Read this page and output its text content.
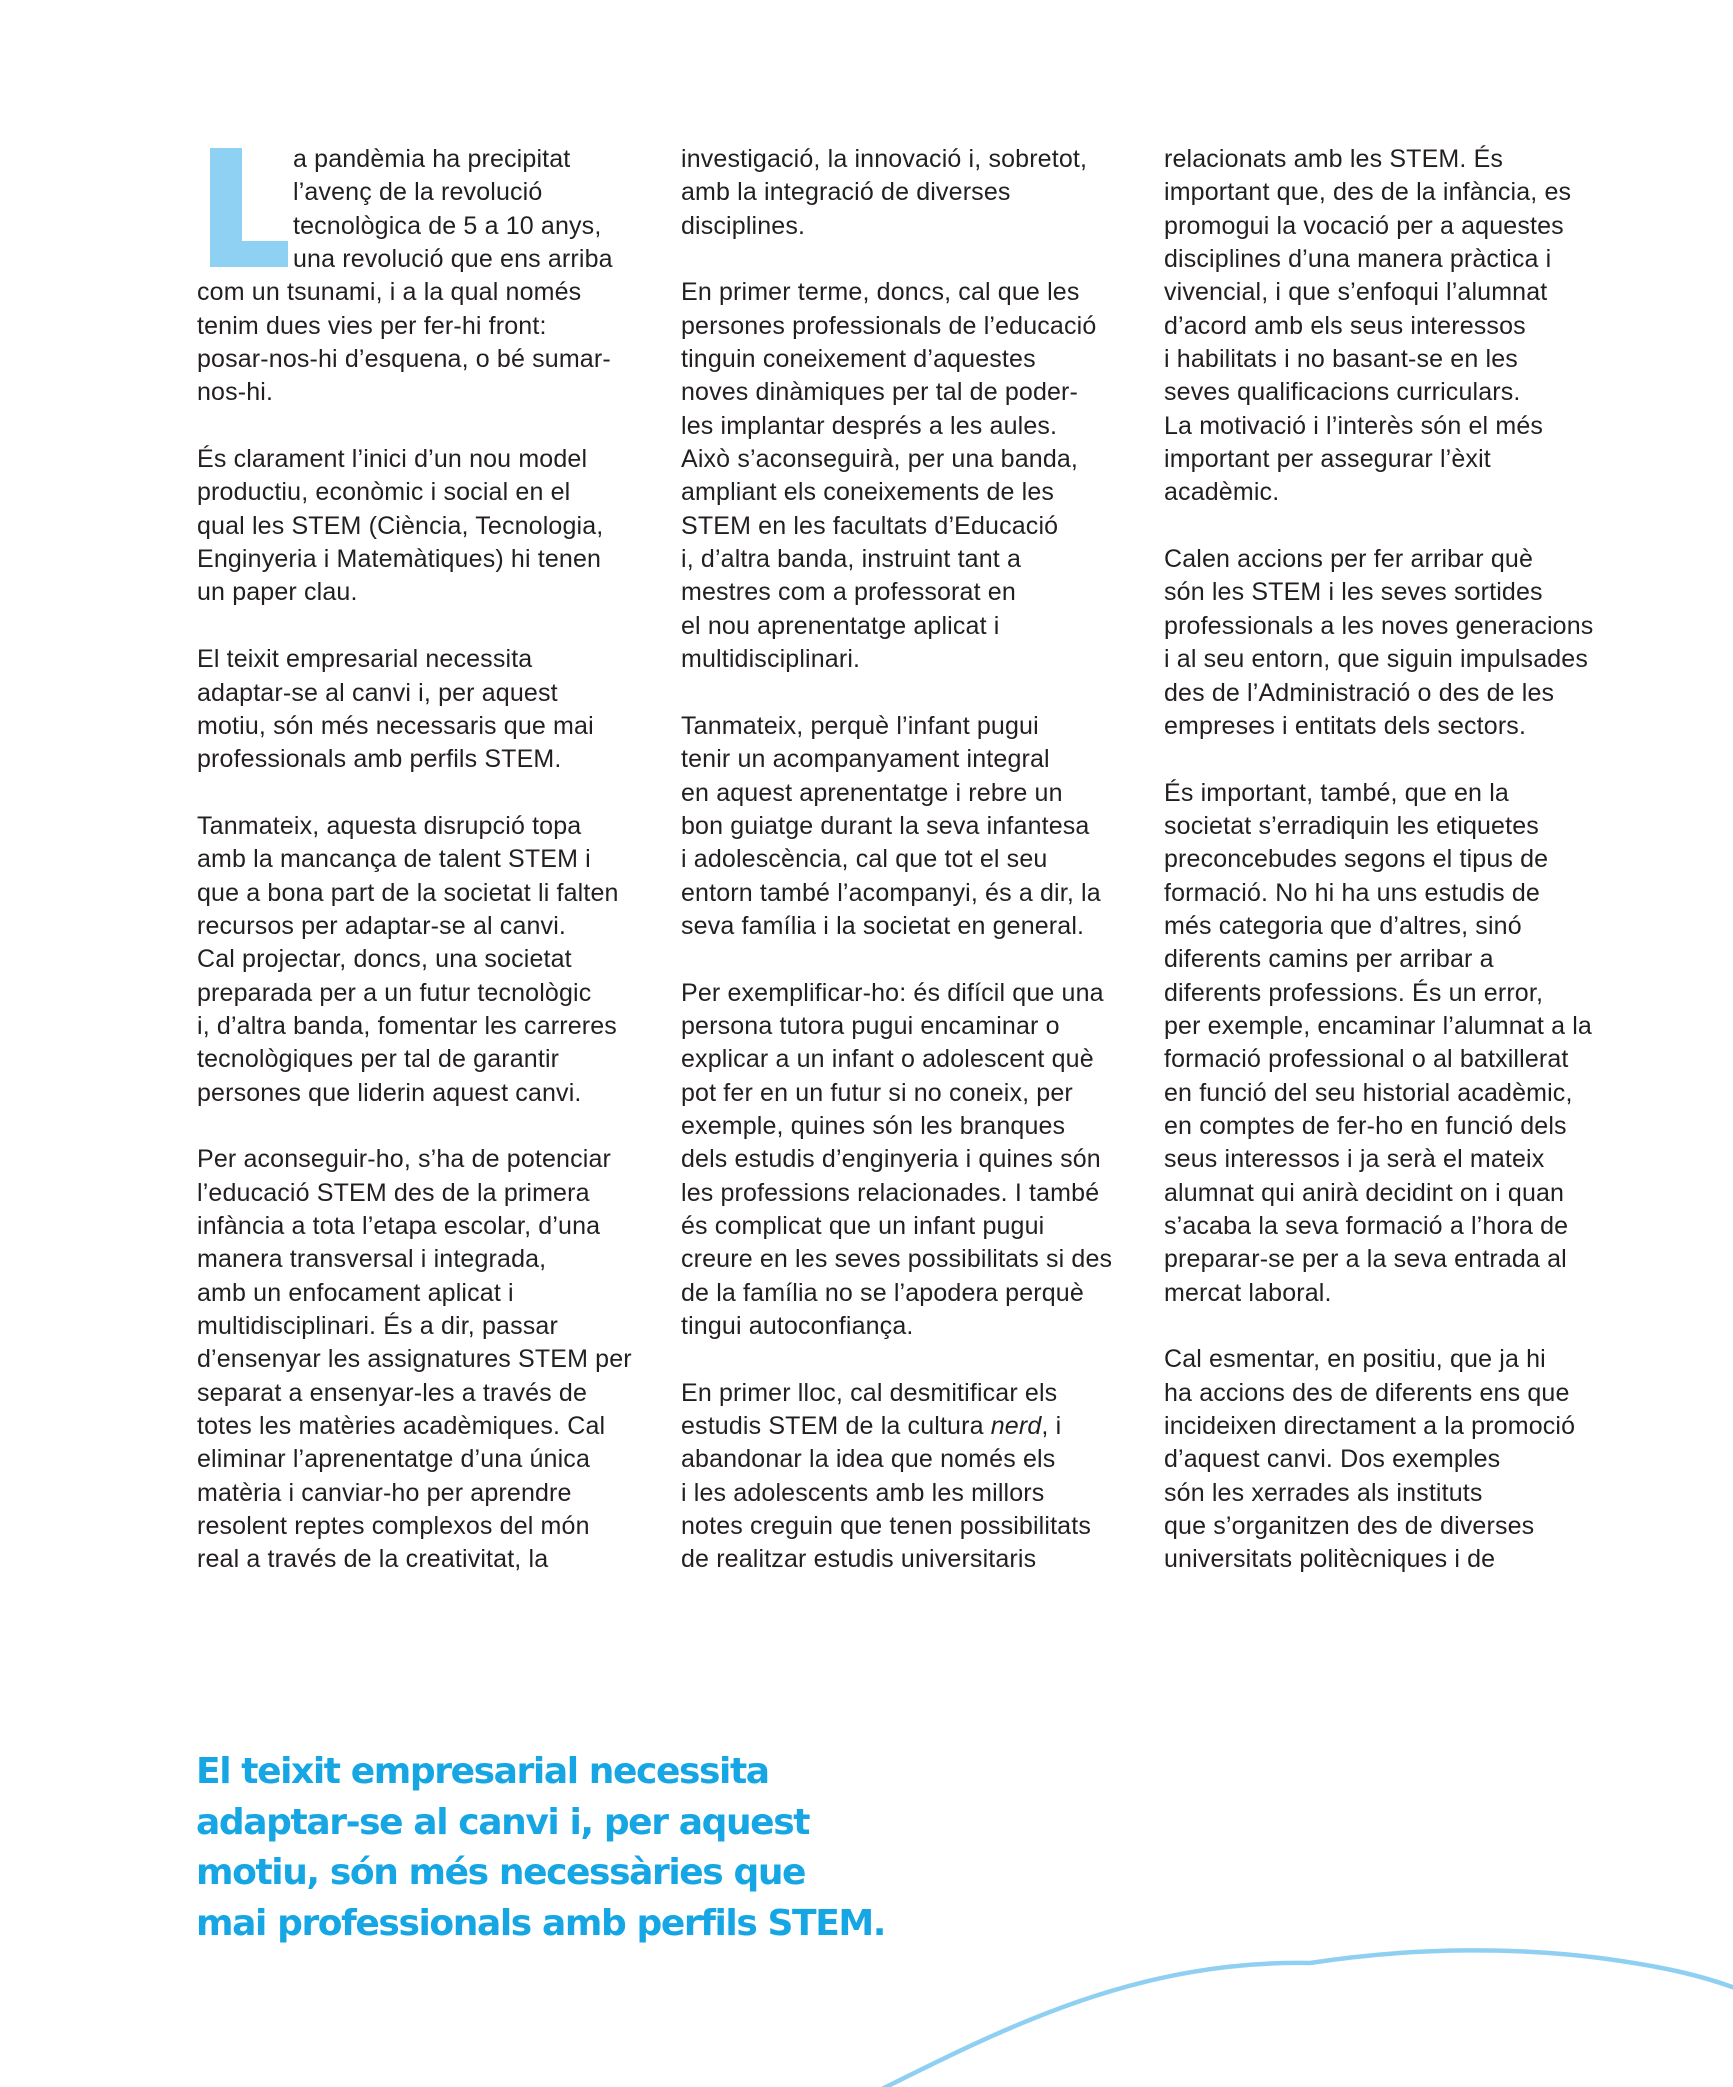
a pandèmia ha precipitat
l’avenç de la revolució
tecnològica de 5 a 10 anys,
una revolució que ens arriba
com un tsunami, i a la qual només
tenim dues vies per fer-hi front:
posar-nos-hi d’esquena, o bé sumar-
nos-hi.

És clarament l’inici d’un nou model
productiu, econòmic i social en el
qual les STEM (Ciència, Tecnologia,
Enginyeria i Matemàtiques) hi tenen
un paper clau.

El teixit empresarial necessita
adaptar-se al canvi i, per aquest
motiu, són més necessaris que mai
professionals amb perfils STEM.

Tanmateix, aquesta disrupció topa
amb la mancança de talent STEM i
que a bona part de la societat li falten
recursos per adaptar-se al canvi.
Cal projectar, doncs, una societat
preparada per a un futur tecnològic
i, d’altra banda, fomentar les carreres
tecnològiques per tal de garantir
persones que liderin aquest canvi.

Per aconseguir-ho, s’ha de potenciar
l’educació STEM des de la primera
infància a tota l’etapa escolar, d’una
manera transversal i integrada,
amb un enfocament aplicat i
multidisciplinari. És a dir, passar
d’ensenyar les assignatures STEM per
separat a ensenyar-les a través de
totes les matèries acadèmiques. Cal
eliminar l’aprenentatge d’una única
matèria i canviar-ho per aprendre
resolent reptes complexos del món
real a través de la creativitat, la

investigació, la innovació i, sobretot,
amb la integració de diverses
disciplines.

En primer terme, doncs, cal que les
persones professionals de l’educació
tinguin coneixement d’aquestes
noves dinàmiques per tal de poder-
les implantar després a les aules.
Això s’aconseguirà, per una banda,
ampliant els coneixements de les
STEM en les facultats d’Educació
i, d’altra banda, instruint tant a
mestres com a professorat en
el nou aprenentatge aplicat i
multidisciplinari.

Tanmateix, perquè l’infant pugui
tenir un acompanyament integral
en aquest aprenentatge i rebre un
bon guiatge durant la seva infantesa
i adolescència, cal que tot el seu
entorn també l’acompanyi, és a dir, la
seva família i la societat en general.

Per exemplificar-ho: és difícil que una
persona tutora pugui encaminar o
explicar a un infant o adolescent què
pot fer en un futur si no coneix, per
exemple, quines són les branques
dels estudis d’enginyeria i quines són
les professions relacionades. I també
és complicat que un infant pugui
creure en les seves possibilitats si des
de la família no se l’apodera perquè
tingui autoconfiança.

En primer lloc, cal desmitificar els
estudis STEM de la cultura nerd, i
abandonar la idea que només els
i les adolescents amb les millors
notes creguin que tenen possibilitats
de realitzar estudis universitaris

relacionats amb les STEM. És
important que, des de la infància, es
promogui la vocació per a aquestes
disciplines d’una manera pràctica i
vivencial, i que s’enfoqui l’alumnat
d’acord amb els seus interessos
i habilitats i no basant-se en les
seves qualificacions curriculars.
La motivació i l’interès són el més
important per assegurar l’èxit
acadèmic.

Calen accions per fer arribar què
són les STEM i les seves sortides
professionals a les noves generacions
i al seu entorn, que siguin impulsades
des de l’Administració o des de les
empreses i entitats dels sectors.

És important, també, que en la
societat s’erradiquin les etiquetes
preconcebudes segons el tipus de
formació. No hi ha uns estudis de
més categoria que d’altres, sinó
diferents camins per arribar a
diferents professions. És un error,
per exemple, encaminar l’alumnat a la
formació professional o al batxillerat
en funció del seu historial acadèmic,
en comptes de fer-ho en funció dels
seus interessos i ja serà el mateix
alumnat qui anirà decidint on i quan
s’acaba la seva formació a l’hora de
preparar-se per a la seva entrada al
mercat laboral.

Cal esmentar, en positiu, que ja hi
ha accions des de diferents ens que
incideixen directament a la promoció
d’aquest canvi. Dos exemples
són les xerrades als instituts
que s’organitzen des de diverses
universitats politècniques i de

El teixit empresarial necessita
adaptar-se al canvi i, per aquest
motiu, són més necessàries que
mai professionals amb perfils STEM.
